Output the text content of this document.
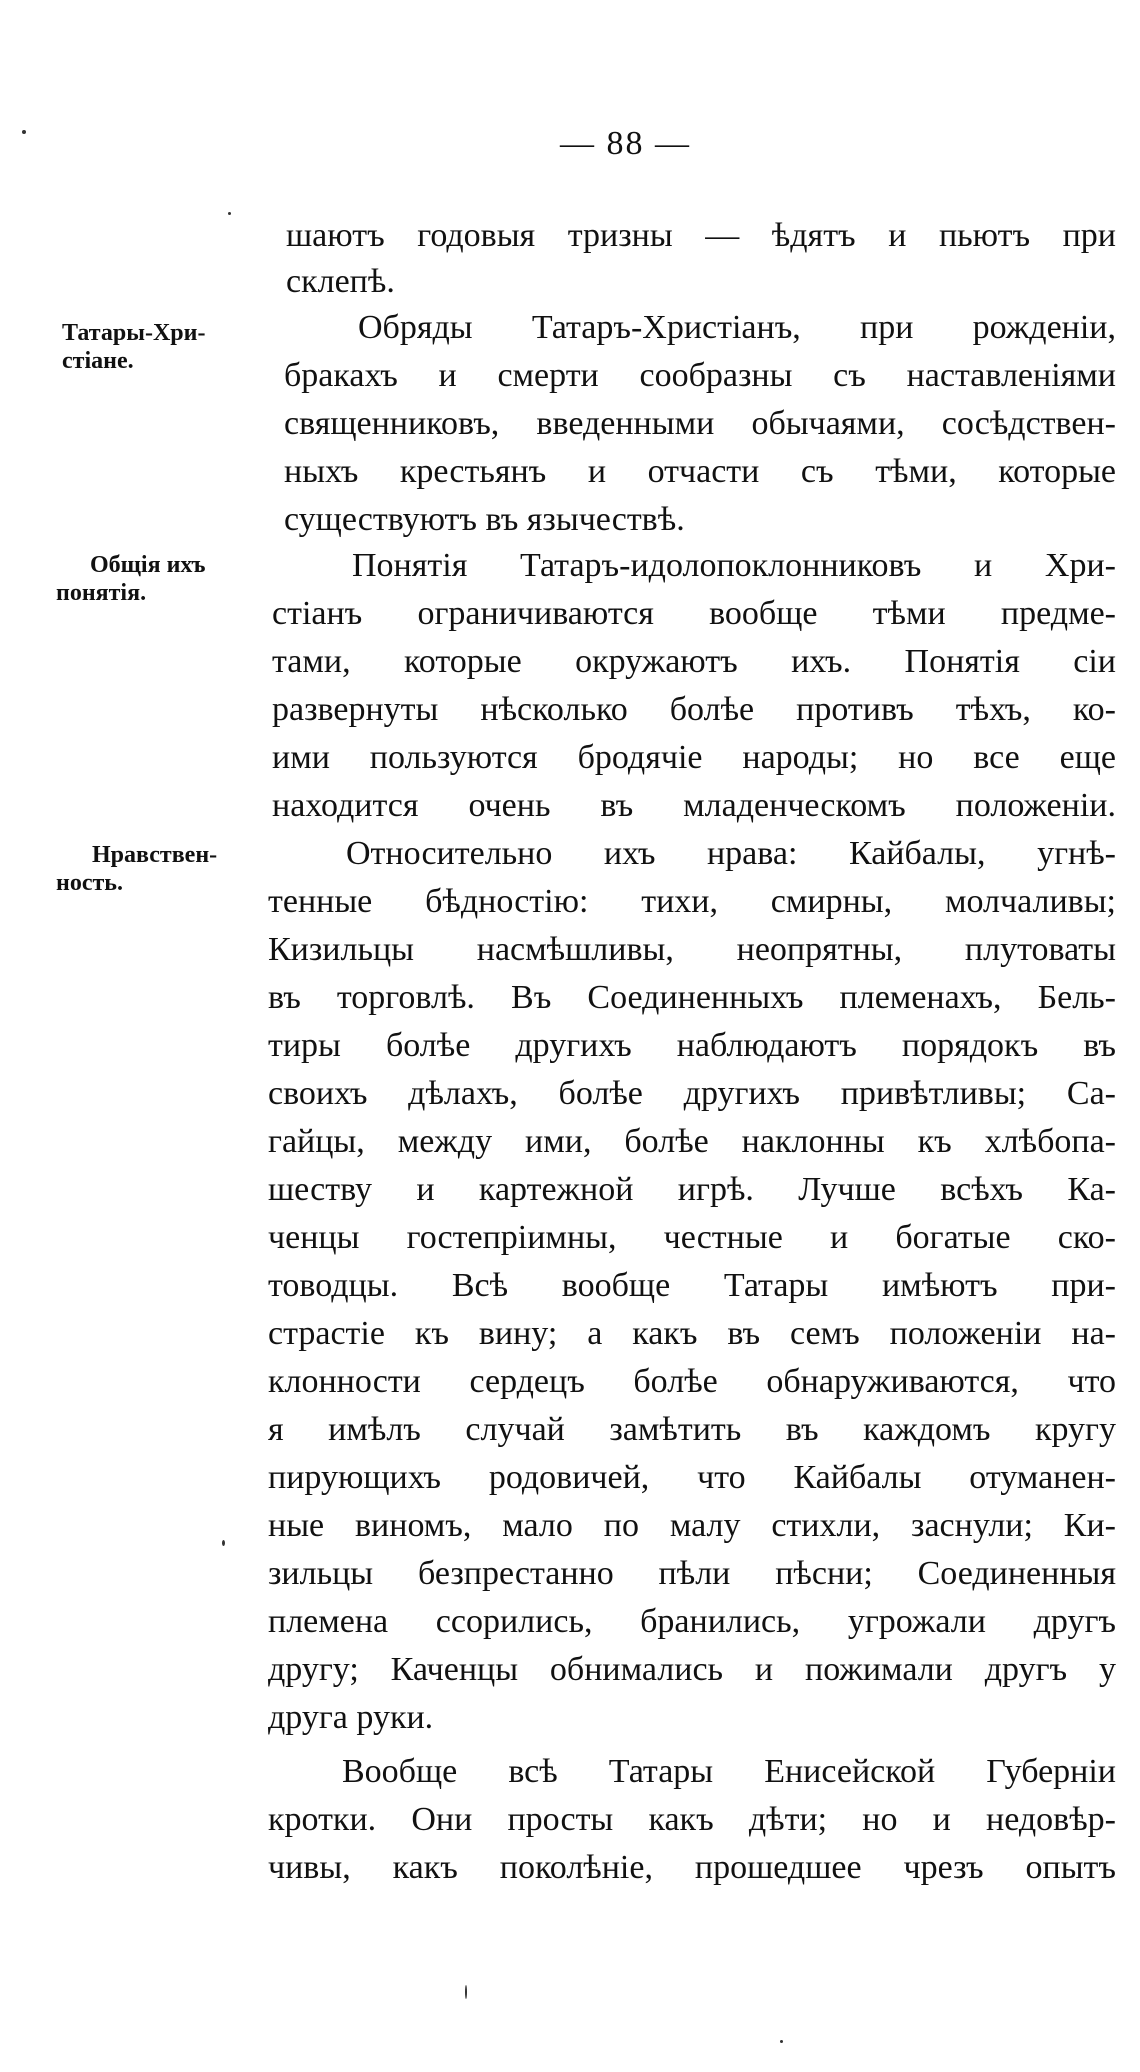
— 88 —
Татары-Хри-
стiане.
Общiя ихъ
понятiя.
Нравствен-
ность.
шаютъ годовыя тризны — ѣдятъ и пьютъ при
склепѣ.
Обряды Татаръ-Христiанъ, при рожденiи,
бракахъ и смерти сообразны съ наставленiями
священниковъ, введенными обычаями, сосѣдствен-
ныхъ крестьянъ и отчасти съ тѣми, которые
существуютъ въ язычествѣ.
Понятiя Татаръ-идолопоклонниковъ и Хри-
стiанъ ограничиваются вообще тѣми предме-
тами, которые окружаютъ ихъ. Понятiя сiи
развернуты нѣсколько болѣе противъ тѣхъ, ко-
ими пользуются бродячiе народы; но все еще
находится очень въ младенческомъ положенiи.
Относительно ихъ нрава: Кайбалы, угнѣ-
тенные бѣдностiю: тихи, смирны, молчаливы;
Кизильцы насмѣшливы, неопрятны, плутоваты
въ торговлѣ. Въ Соединенныхъ племенахъ, Бель-
тиры болѣе другихъ наблюдаютъ порядокъ въ
своихъ дѣлахъ, болѣе другихъ привѣтливы; Са-
гайцы, между ими, болѣе наклонны къ хлѣбопа-
шеству и картежной игрѣ. Лучше всѣхъ Ка-
ченцы гостепрiимны, честные и богатые ско-
товодцы. Всѣ вообще Татары имѣютъ при-
страстiе къ вину; а какъ въ семъ положенiи на-
клонности сердецъ болѣе обнаруживаются, что
я имѣлъ случай замѣтить въ каждомъ кругу
пирующихъ родовичей, что Кайбалы отуманен-
ные виномъ, мало по малу стихли, заснули; Ки-
зильцы безпрестанно пѣли пѣсни; Соединенныя
племена ссорились, бранились, угрожали другъ
другу; Каченцы обнимались и пожимали другъ у
друга руки.
Вообще всѣ Татары Енисейской Губернiи
кротки. Они просты какъ дѣти; но и недовѣр-
чивы, какъ поколѣнiе, прошедшее чрезъ опытъ
